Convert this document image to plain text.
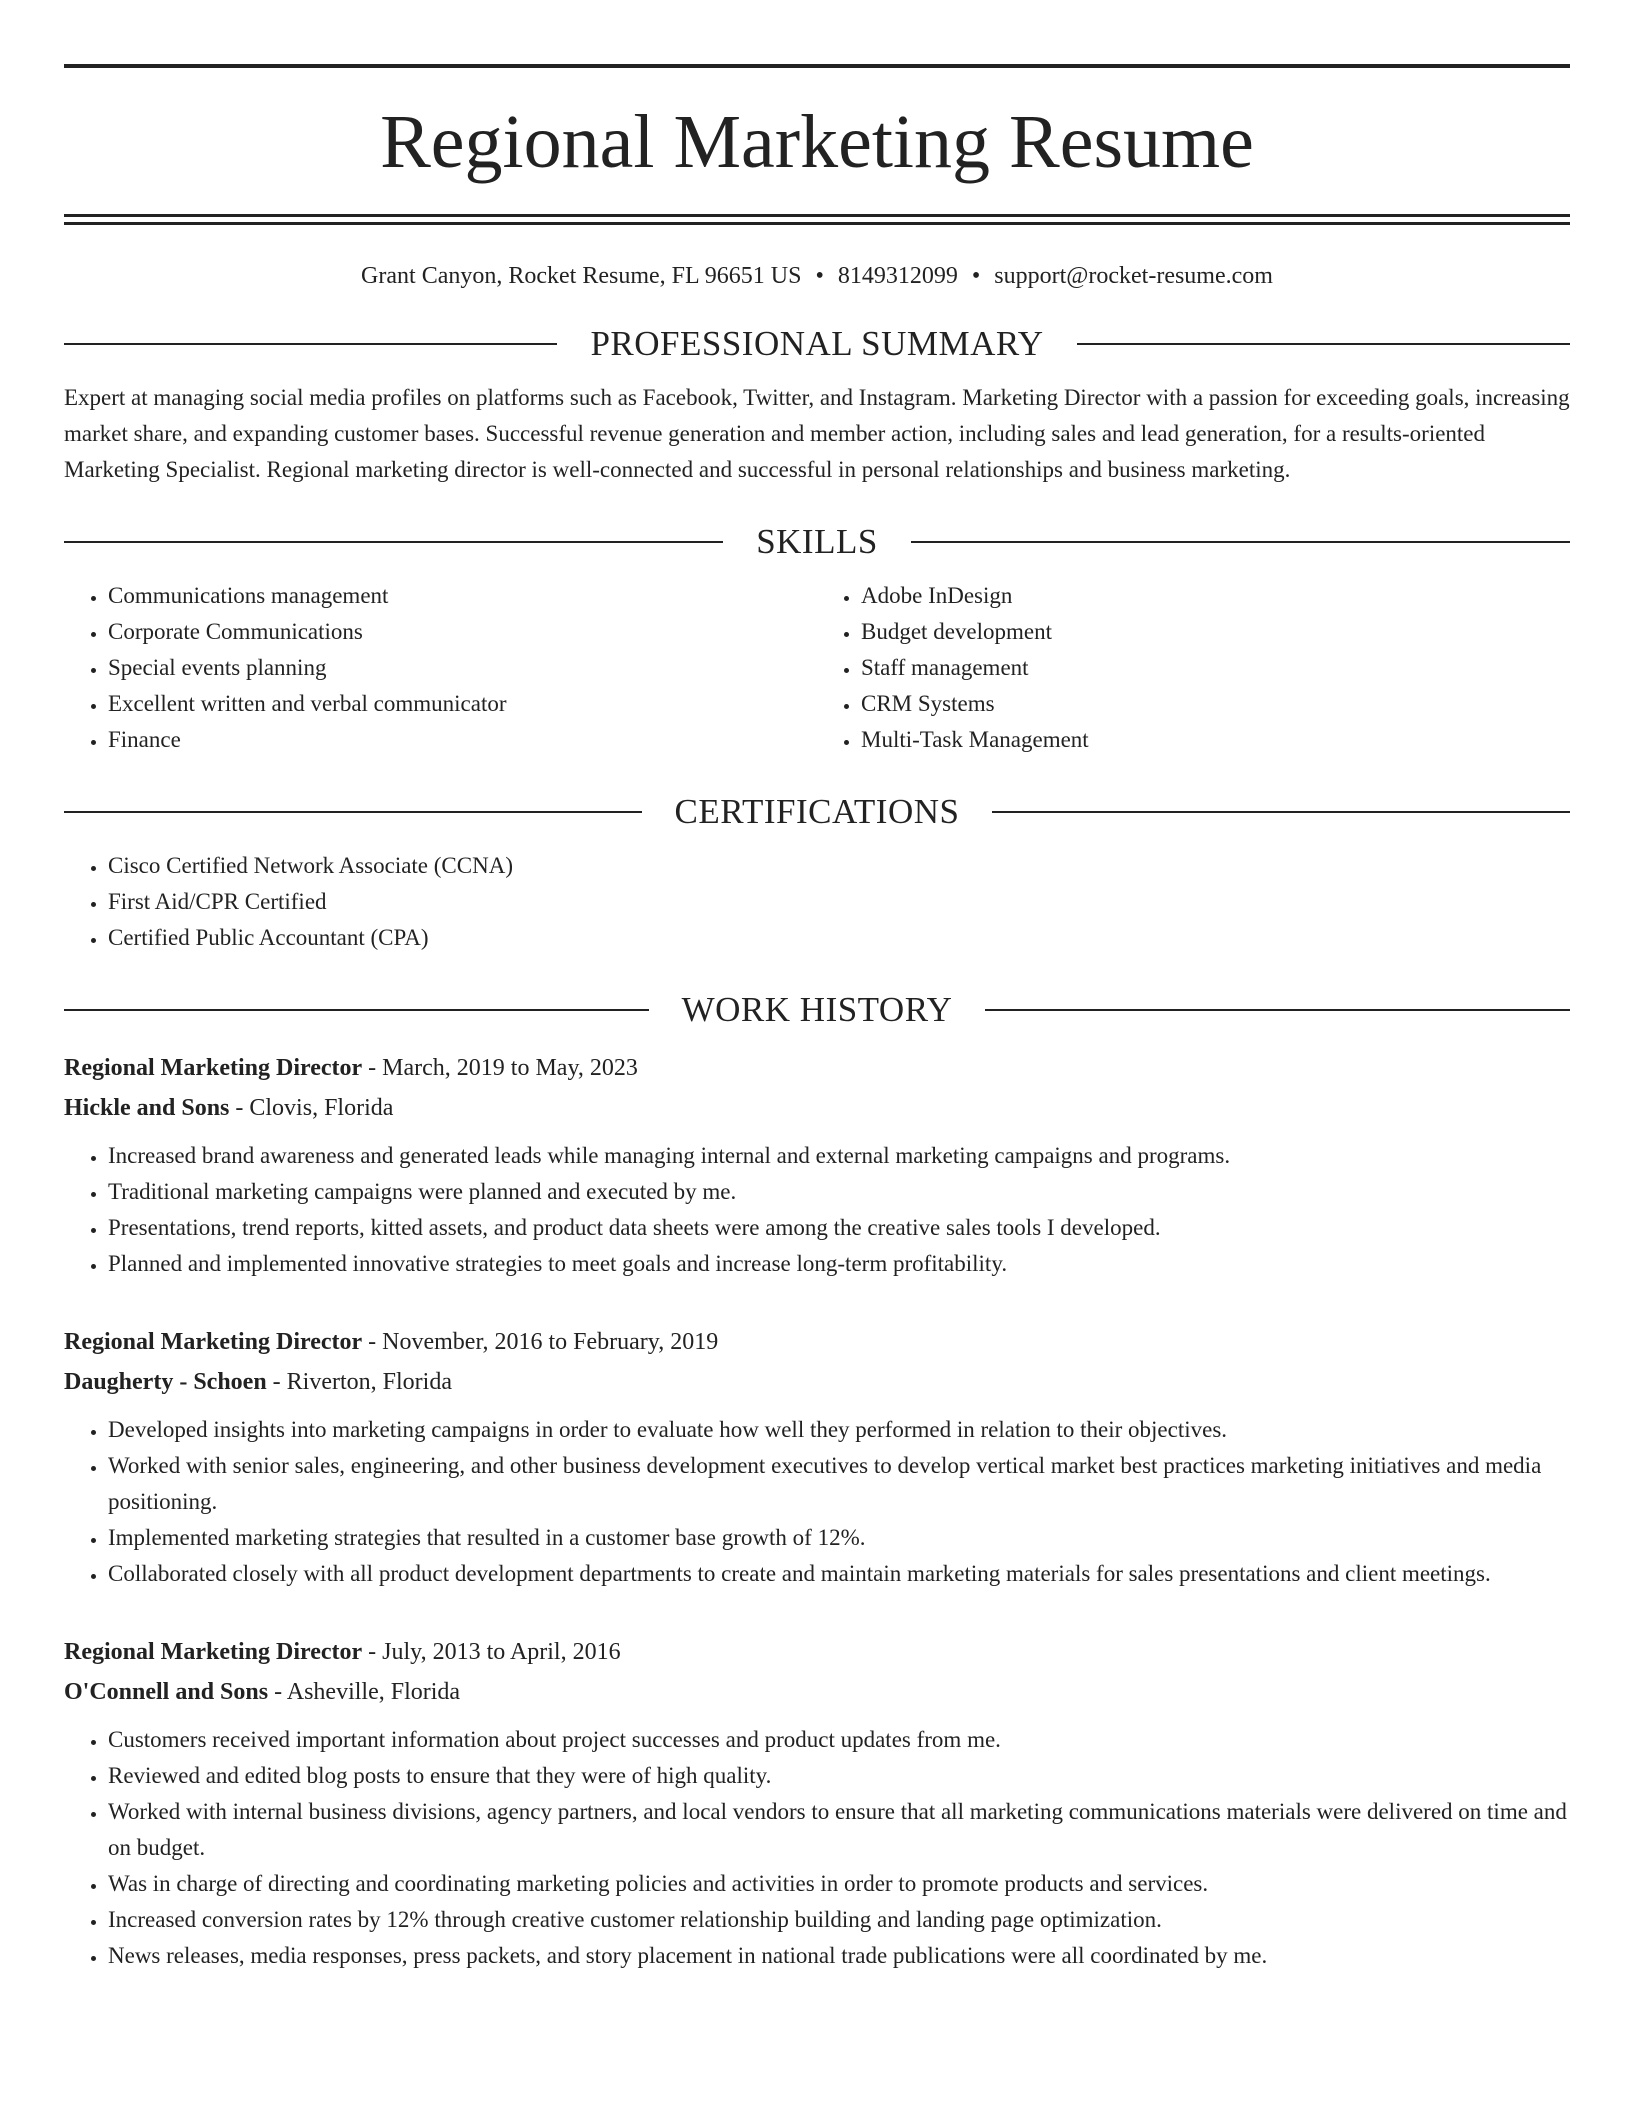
Regional Marketing Resume
Grant Canyon, Rocket Resume, FL 96651 US • 8149312099 • support@rocket-resume.com
PROFESSIONAL SUMMARY

Expert at managing social media profiles on platforms such as Facebook, Twitter, and Instagram. Marketing Director with a passion for exceeding goals, increasing market share, and expanding customer bases. Successful revenue generation and member action, including sales and lead generation, for a results-oriented Marketing Specialist. Regional marketing director is well-connected and successful in personal relationships and business marketing.

SKILLS
• Communications management
• Corporate Communications
• Special events planning
• Excellent written and verbal communicator
• Finance
• Adobe InDesign
• Budget development
• Staff management
• CRM Systems
• Multi-Task Management
CERTIFICATIONS
• Cisco Certified Network Associate (CCNA)
• First Aid/CPR Certified
• Certified Public Accountant (CPA)
WORK HISTORY
Regional Marketing Director - March, 2019 to May, 2023
Hickle and Sons - Clovis, Florida
• Increased brand awareness and generated leads while managing internal and external marketing campaigns and programs.
• Traditional marketing campaigns were planned and executed by me.
• Presentations, trend reports, kitted assets, and product data sheets were among the creative sales tools I developed.
• Planned and implemented innovative strategies to meet goals and increase long-term profitability.
Regional Marketing Director - November, 2016 to February, 2019
Daugherty - Schoen - Riverton, Florida
• Developed insights into marketing campaigns in order to evaluate how well they performed in relation to their objectives.
• Worked with senior sales, engineering, and other business development executives to develop vertical market best practices marketing initiatives and media positioning.
• Implemented marketing strategies that resulted in a customer base growth of 12%.
• Collaborated closely with all product development departments to create and maintain marketing materials for sales presentations and client meetings.
Regional Marketing Director - July, 2013 to April, 2016
O'Connell and Sons - Asheville, Florida
• Customers received important information about project successes and product updates from me.
• Reviewed and edited blog posts to ensure that they were of high quality.
• Worked with internal business divisions, agency partners, and local vendors to ensure that all marketing communications materials were delivered on time and on budget.
• Was in charge of directing and coordinating marketing policies and activities in order to promote products and services.
• Increased conversion rates by 12% through creative customer relationship building and landing page optimization.
• News releases, media responses, press packets, and story placement in national trade publications were all coordinated by me.
